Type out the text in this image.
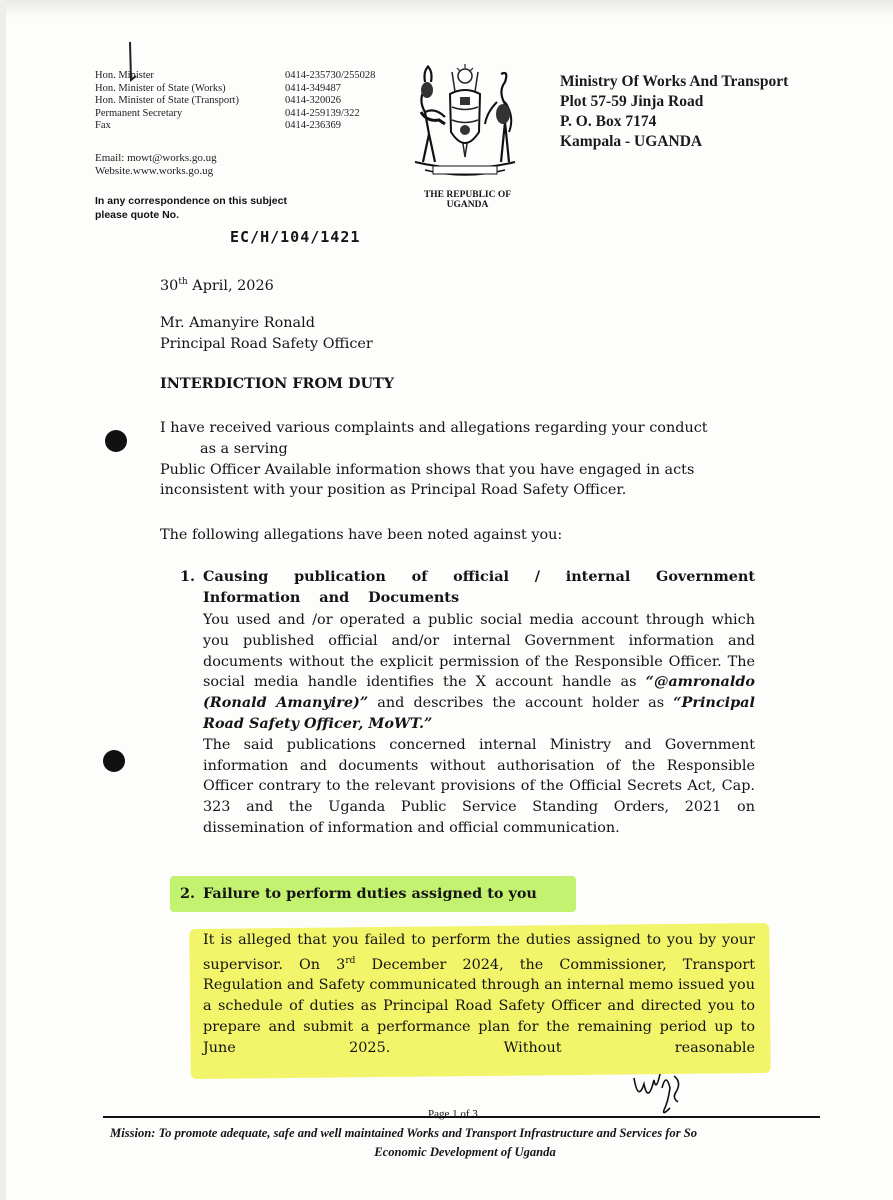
Hon. Minister	0414-235730/255028
Hon. Minister of State (Works)	0414-349487
Hon. Minister of State (Transport)	0414-320026
Permanent Secretary	0414-259139/322
Fax	0414-236369
Email: mowt@works.go.ug
Website.www.works.go.ug
In any correspondence on this subject
please quote No.
EC/H/104/1421
THE REPUBLIC OF UGANDA
Ministry Of Works And Transport
Plot 57-59 Jinja Road
P. O. Box 7174
Kampala - UGANDA
30th April, 2026
Mr. Amanyire Ronald
Principal Road Safety Officer
INTERDICTION FROM DUTY
I have received various complaints and allegations regarding your conduct
as a serving
Public Officer Available information shows that you have engaged in acts
inconsistent with your position as Principal Road Safety Officer.
The following allegations have been noted against you:
1. Causing publication of official / internal Government Information and Documents
You used and /or operated a public social media account through which you published official and/or internal Government information and documents without the explicit permission of the Responsible Officer. The social media handle identifies the X account handle as “@amronaldo (Ronald Amanyire)” and describes the account holder as “Principal Road Safety Officer, MoWT.”
The said publications concerned internal Ministry and Government information and documents without authorisation of the Responsible Officer contrary to the relevant provisions of the Official Secrets Act, Cap. 323 and the Uganda Public Service Standing Orders, 2021 on dissemination of information and official communication.
2. Failure to perform duties assigned to you
It is alleged that you failed to perform the duties assigned to you by your supervisor. On 3rd December 2024, the Commissioner, Transport Regulation and Safety communicated through an internal memo issued you a schedule of duties as Principal Road Safety Officer and directed you to prepare and submit a performance plan for the remaining period up to June 2025. Without reasonable
Page 1 of 3
Mission: To promote adequate, safe and well maintained Works and Transport Infrastructure and Services for So
Economic Development of Uganda
